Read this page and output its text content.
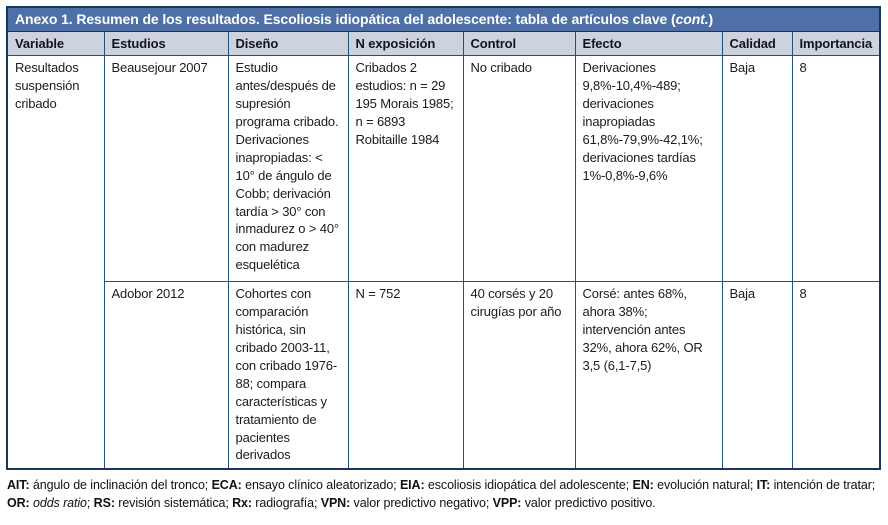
Anexo 1. Resumen de los resultados. Escoliosis idiopática del adolescente: tabla de artículos clave (cont.)							
Variable	Estudios	Diseño	N exposición	Control	Efecto	Calidad	Importancia
Resultados suspensión cribado	Beausejour 2007	Estudio antes/después de supresión programa cribado. Derivaciones inapropiadas: < 10° de ángulo de Cobb; derivación tardía > 30° con inmadurez o > 40° con madurez esquelética	Cribados 2 estudios: n = 29 195 Morais 1985; n = 6893 Robitaille 1984	No cribado	Derivaciones 9,8%-10,4%-489; derivaciones inapropiadas 61,8%-79,9%-42,1%; derivaciones tardías 1%-0,8%-9,6%	Baja	8
	Adobor 2012	Cohortes con comparación histórica, sin cribado 2003-11, con cribado 1976-88; compara características y tratamiento de pacientes derivados	N = 752	40 corsés y 20 cirugías por año	Corsé: antes 68%, ahora 38%; intervención antes 32%, ahora 62%, OR 3,5 (6,1-7,5)	Baja	8

AIT: ángulo de inclinación del tronco; ECA: ensayo clínico aleatorizado; EIA: escoliosis idiopática del adolescente; EN: evolución natural; IT: intención de tratar; OR: odds ratio; RS: revisión sistemática; Rx: radiografía; VPN: valor predictivo negativo; VPP: valor predictivo positivo.
